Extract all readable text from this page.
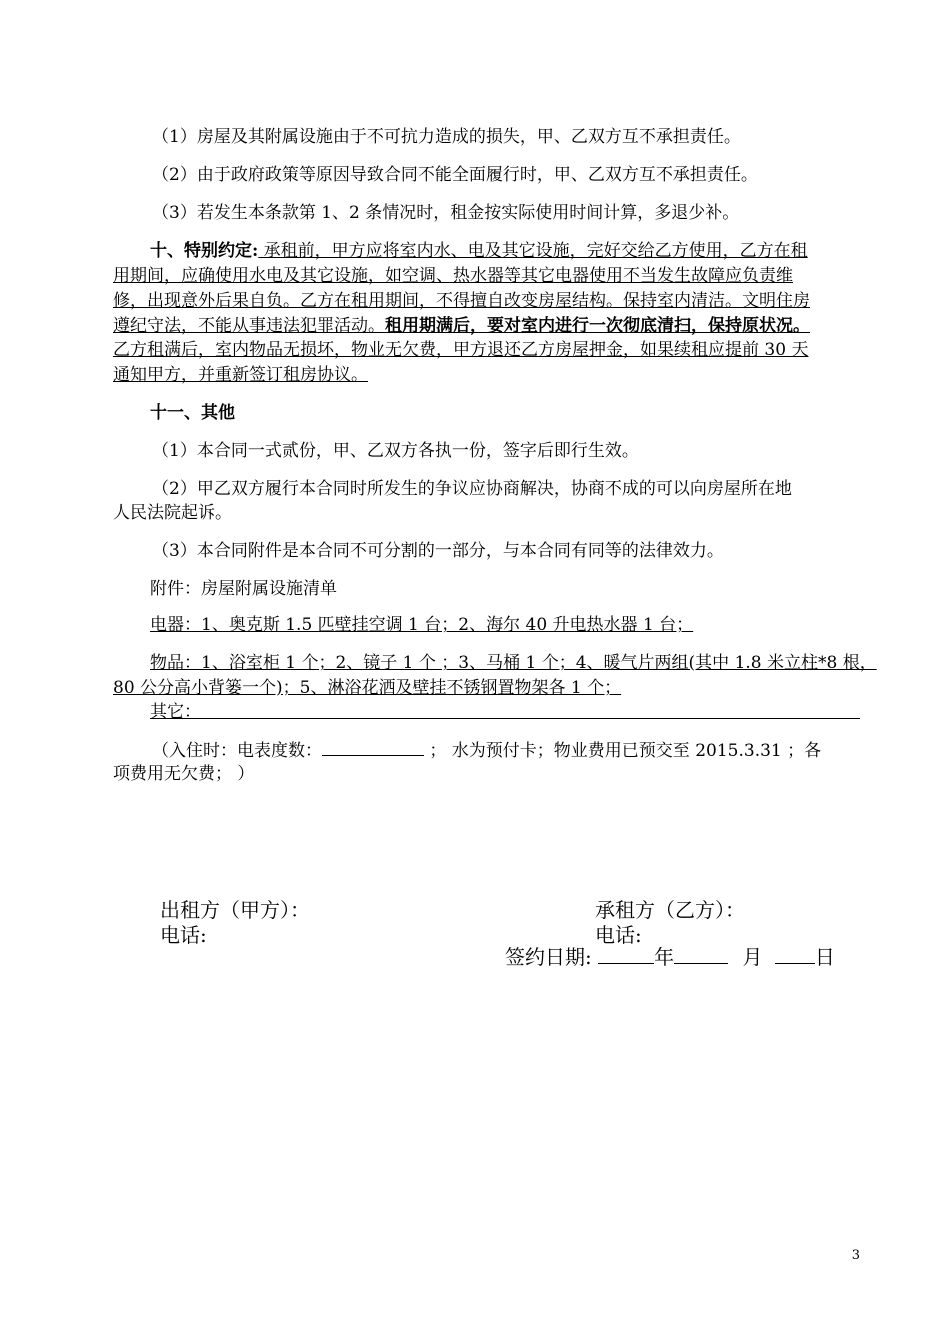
（1）房屋及其附属设施由于不可抗力造成的损失，甲、乙双方互不承担责任。
（2）由于政府政策等原因导致合同不能全面履行时，甲、乙双方互不承担责任。
（3）若发生本条款第 1、2 条情况时，租金按实际使用时间计算，多退少补。
十、特别约定: 承租前，甲方应将室内水、电及其它设施，完好交给乙方使用，乙方在租
用期间，应确使用水电及其它设施，如空调、热水器等其它电器使用不当发生故障应负责维
修，出现意外后果自负。乙方在租用期间，不得擅自改变房屋结构。保持室内清洁。文明住房
遵纪守法，不能从事违法犯罪活动。租用期满后，要对室内进行一次彻底清扫，保持原状况。
乙方租满后，室内物品无损坏，物业无欠费，甲方退还乙方房屋押金，如果续租应提前 30 天
通知甲方，并重新签订租房协议。
十一、其他
（1）本合同一式贰份，甲、乙双方各执一份，签字后即行生效。
（2）甲乙双方履行本合同时所发生的争议应协商解决，协商不成的可以向房屋所在地
人民法院起诉。
（3）本合同附件是本合同不可分割的一部分，与本合同有同等的法律效力。
附件：房屋附属设施清单
电器：1、奥克斯 1.5 匹壁挂空调 1 台；2、海尔 40 升电热水器 1 台；
物品：1、浴室柜 1 个；2、镜子 1 个 ；3、马桶 1 个；4、暖气片两组(其中 1.8 米立柱*8 根，
80 公分高小背篓一个)；5、淋浴花洒及壁挂不锈钢置物架各 1 个；
其它：
（入住时：电表度数：	； 水为预付卡；物业费用已预交至 2015.3.31 ；各
项费用无欠费； ）
出租方（甲方）：	承租方（乙方）：
电话:	电话:
签约日期:	年	月	日
3
